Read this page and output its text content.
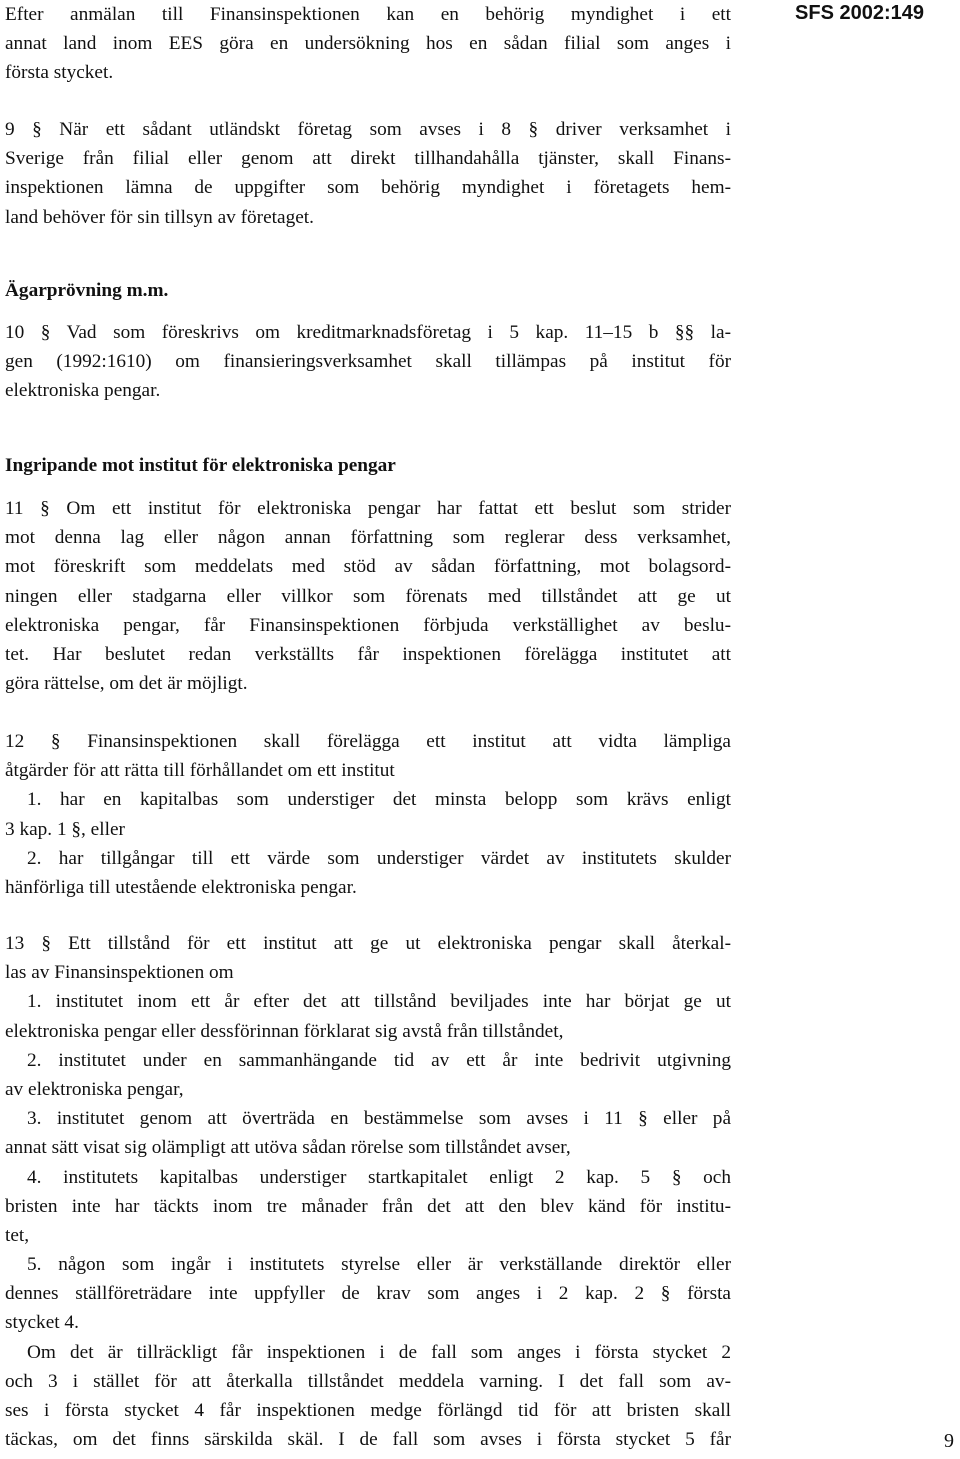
SFS 2002:149
Efter anmälan till Finansinspektionen kan en behörig myndighet i ett
annat land inom EES göra en undersökning hos en sådan filial som anges i
första stycket.
9 § När ett sådant utländskt företag som avses i 8 § driver verksamhet i
Sverige från filial eller genom att direkt tillhandahålla tjänster, skall Finans-
inspektionen lämna de uppgifter som behörig myndighet i företagets hem-
land behöver för sin tillsyn av företaget.
Ägarprövning m.m.
10 § Vad som föreskrivs om kreditmarknadsföretag i 5 kap. 11–15 b §§ la-
gen (1992:1610) om finansieringsverksamhet skall tillämpas på institut för
elektroniska pengar.
Ingripande mot institut för elektroniska pengar
11 § Om ett institut för elektroniska pengar har fattat ett beslut som strider
mot denna lag eller någon annan författning som reglerar dess verksamhet,
mot föreskrift som meddelats med stöd av sådan författning, mot bolagsord-
ningen eller stadgarna eller villkor som förenats med tillståndet att ge ut
elektroniska pengar, får Finansinspektionen förbjuda verkställighet av beslu-
tet. Har beslutet redan verkställts får inspektionen förelägga institutet att
göra rättelse, om det är möjligt.
12 § Finansinspektionen skall förelägga ett institut att vidta lämpliga
åtgärder för att rätta till förhållandet om ett institut
1. har en kapitalbas som understiger det minsta belopp som krävs enligt
3 kap. 1 §, eller
2. har tillgångar till ett värde som understiger värdet av institutets skulder
hänförliga till utestående elektroniska pengar.
13 § Ett tillstånd för ett institut att ge ut elektroniska pengar skall återkal-
las av Finansinspektionen om
1. institutet inom ett år efter det att tillstånd beviljades inte har börjat ge ut
elektroniska pengar eller dessförinnan förklarat sig avstå från tillståndet,
2. institutet under en sammanhängande tid av ett år inte bedrivit utgivning
av elektroniska pengar,
3. institutet genom att överträda en bestämmelse som avses i 11 § eller på
annat sätt visat sig olämpligt att utöva sådan rörelse som tillståndet avser,
4. institutets kapitalbas understiger startkapitalet enligt 2 kap. 5 § och
bristen inte har täckts inom tre månader från det att den blev känd för institu-
tet,
5. någon som ingår i institutets styrelse eller är verkställande direktör eller
dennes ställföreträdare inte uppfyller de krav som anges i 2 kap. 2 § första
stycket 4.
Om det är tillräckligt får inspektionen i de fall som anges i första stycket 2
och 3 i stället för att återkalla tillståndet meddela varning. I det fall som av-
ses i första stycket 4 får inspektionen medge förlängd tid för att bristen skall
täckas, om det finns särskilda skäl. I de fall som avses i första stycket 5 får	9
